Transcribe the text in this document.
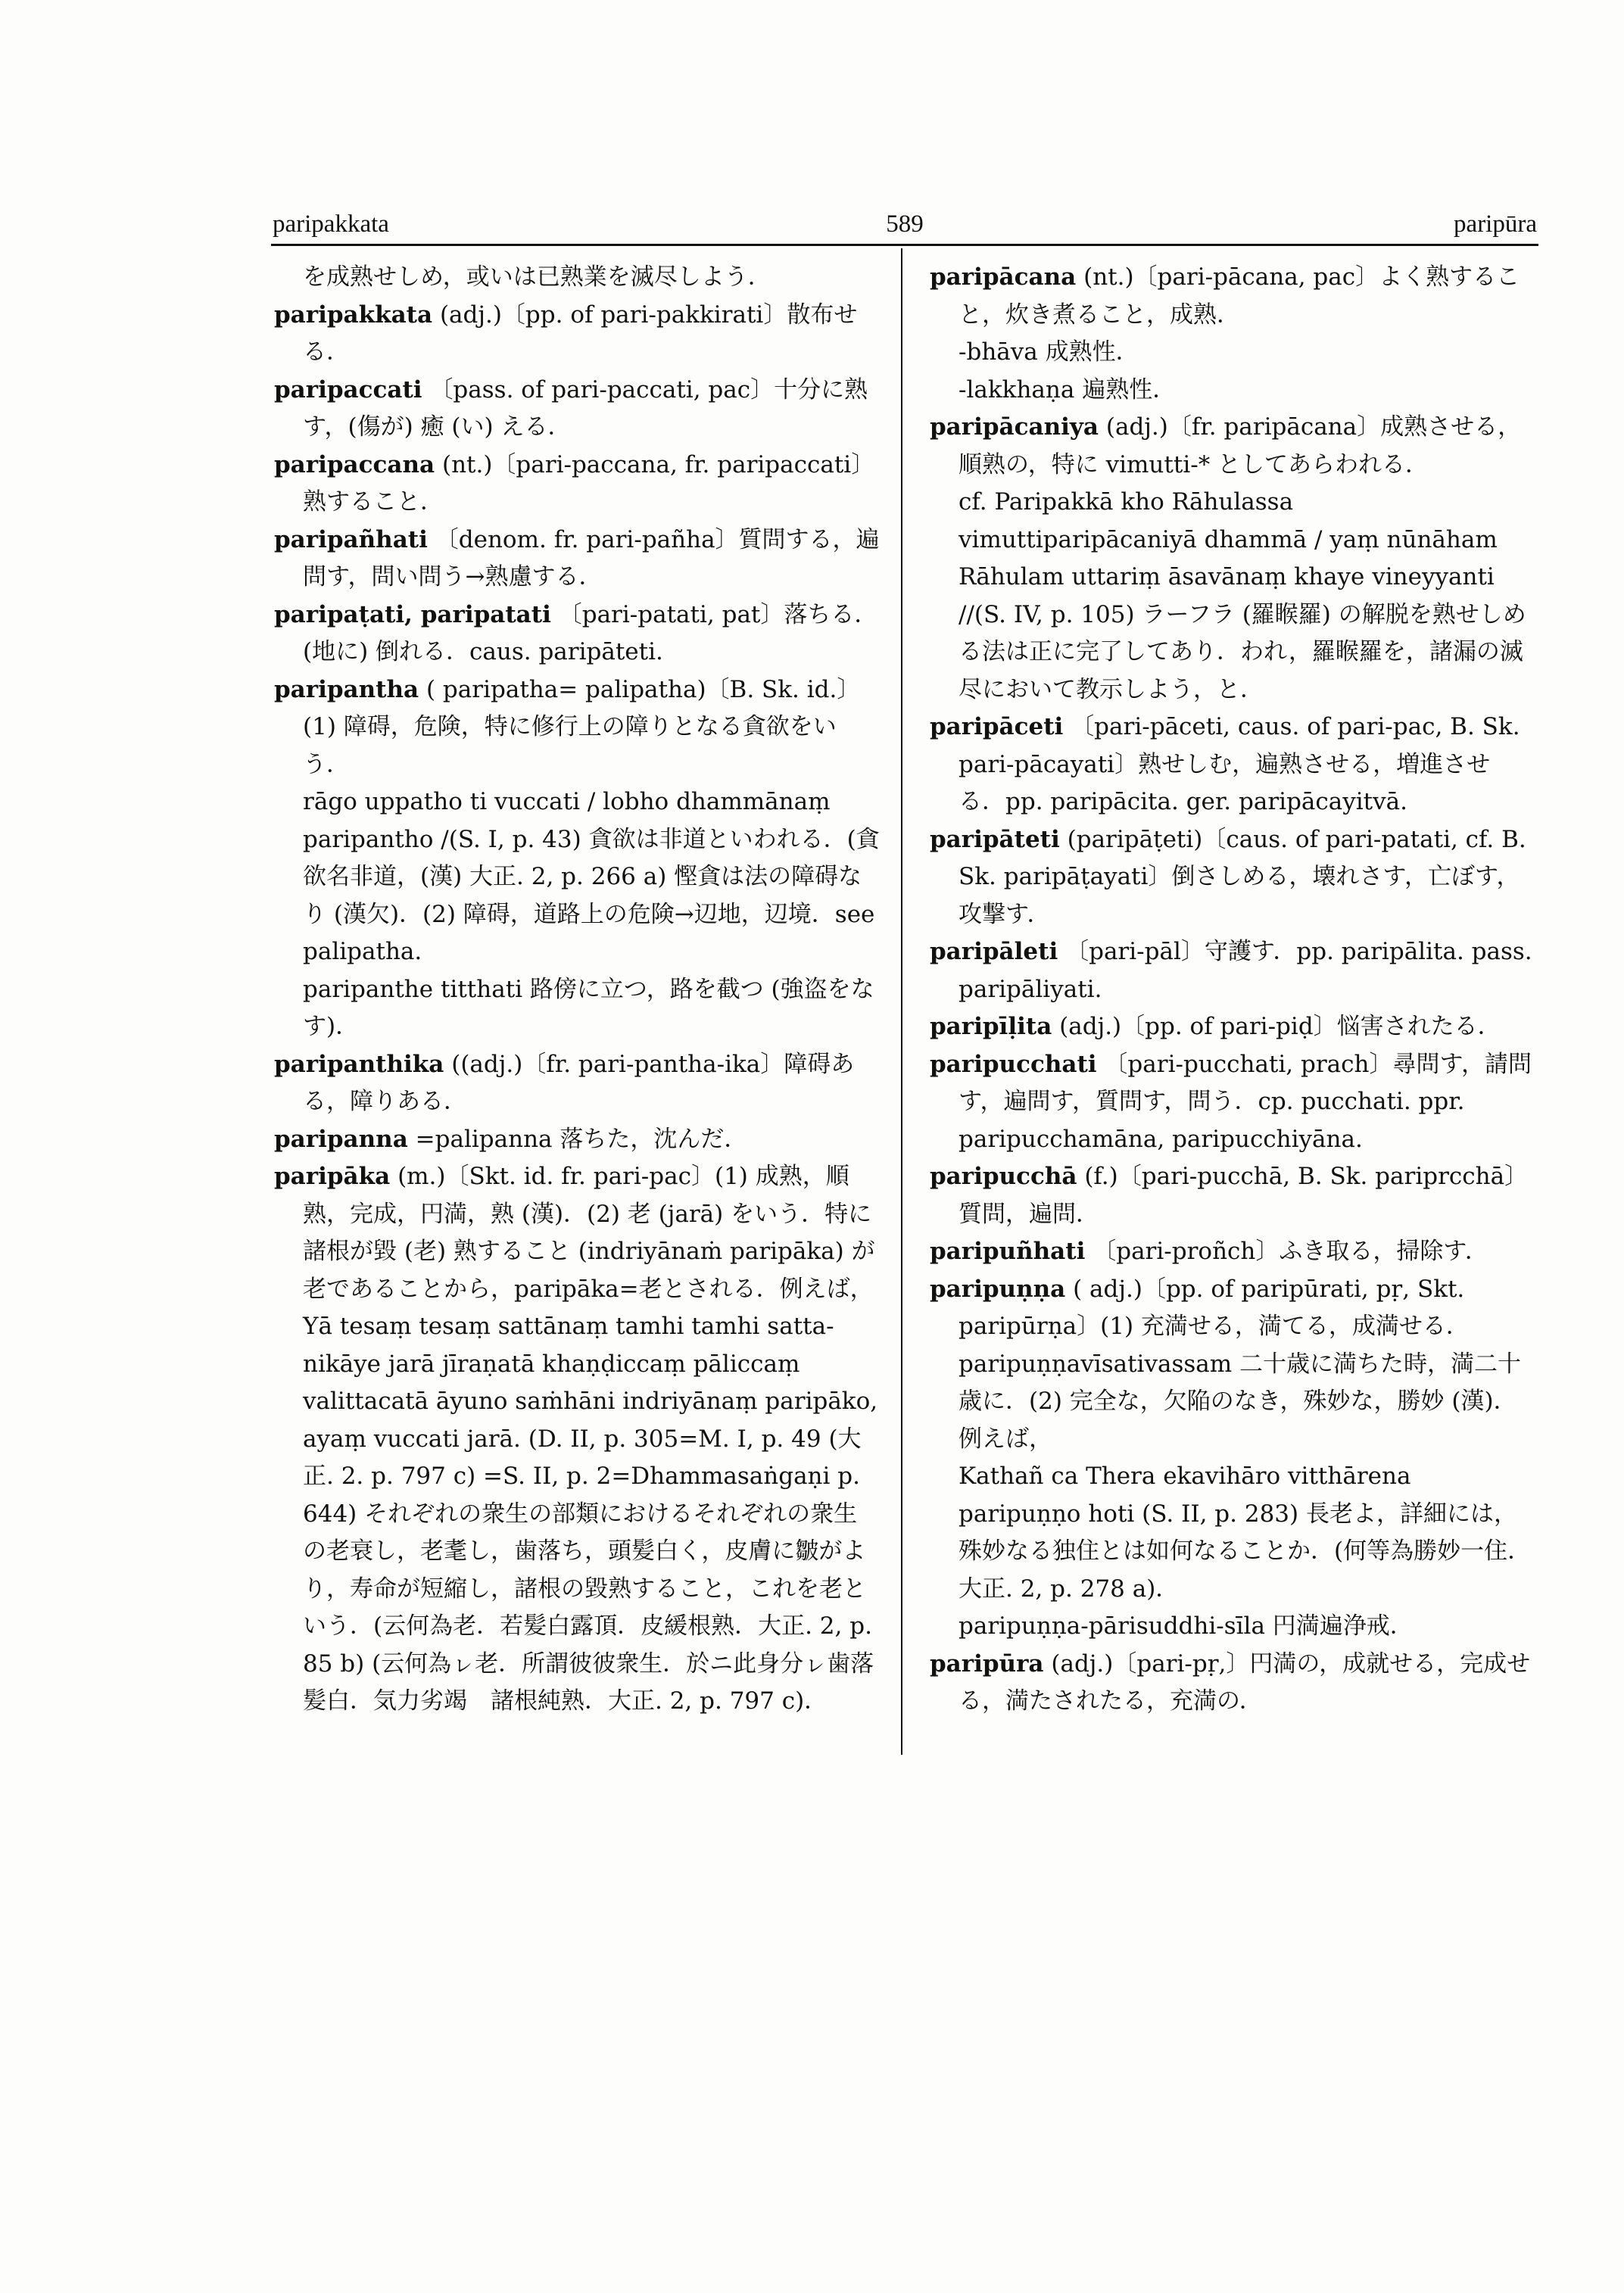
paripakkata	589	paripūra

を成熟せしめ，或いは已熟業を滅尽しよう．

paripakkata (adj.)〔pp. of pari-pakkirati〕散布せる．

paripaccati 〔pass. of pari-paccati, pac〕十分に熟す，(傷が) 癒 (い) える．

paripaccana (nt.)〔pari-paccana, fr. paripaccati〕熟すること．

paripañhati 〔denom. fr. pari-pañha〕質問する，遍問す，問い問う→熟慮する．

paripaṭati, paripatati 〔pari-patati, pat〕落ちる．(地に) 倒れる．caus. paripāteti.

paripantha ( paripatha= palipatha)〔B. Sk. id.〕(1) 障碍，危険，特に修行上の障りとなる貪欲をいう．

rāgo uppatho ti vuccati / lobho dhammānaṃ paripantho /(S. I, p. 43) 貪欲は非道といわれる．(貪欲名非道，(漢) 大正. 2, p. 266 a) 慳貪は法の障碍なり (漢欠)．(2) 障碍，道路上の危険→辺地，辺境．see palipatha.

paripanthe titthati 路傍に立つ，路を截つ (強盗をなす)．

paripanthika ((adj.)〔fr. pari-pantha-ika〕障碍ある，障りある．

paripanna =palipanna 落ちた，沈んだ．

paripāka (m.)〔Skt. id. fr. pari-pac〕(1) 成熟，順熟，完成，円満，熟 (漢)．(2) 老 (jarā) をいう．特に諸根が毀 (老) 熟すること (indriyānaṁ paripāka) が老であることから，paripāka=老とされる．例えば，

Yā tesaṃ tesaṃ sattānaṃ tamhi tamhi satta-nikāye jarā jīraṇatā khaṇḍiccaṃ pāliccaṃ valittacatā āyuno saṁhāni indriyānaṃ paripāko, ayaṃ vuccati jarā. (D. II, p. 305=M. I, p. 49 (大正. 2. p. 797 c) =S. II, p. 2=Dhammasaṅgaṇi p. 644) それぞれの衆生の部類におけるそれぞれの衆生の老衰し，老耄し，歯落ち，頭髪白く，皮膚に皺がより，寿命が短縮し，諸根の毀熟すること，これを老という．(云何為老．若髪白露頂．皮緩根熟．大正. 2, p. 85 b) (云何為ㇾ老．所謂彼彼衆生．於ニ此身分ㇾ歯落髪白．気力劣竭　諸根純熟．大正. 2, p. 797 c)．

paripācana (nt.)〔pari-pācana, pac〕よく熟すること，炊き煮ること，成熟．

-bhāva 成熟性．

-lakkhaṇa 遍熟性．

paripācaniya (adj.)〔fr. paripācana〕成熟させる，順熟の，特に vimutti-* としてあらわれる．

cf. Paripakkā kho Rāhulassa vimuttiparipācaniyā dhammā / yaṃ nūnāham Rāhulam uttariṃ āsavānaṃ khaye vineyyanti //(S. IV, p. 105) ラーフラ (羅睺羅) の解脱を熟せしめる法は正に完了してあり．われ，羅睺羅を，諸漏の滅尽において教示しよう，と．

paripāceti 〔pari-pāceti, caus. of pari-pac, B. Sk. pari-pācayati〕熟せしむ，遍熟させる，増進させる．pp. paripācita. ger. paripācayitvā.

paripāteti (paripāṭeti)〔caus. of pari-patati, cf. B. Sk. paripāṭayati〕倒さしめる，壊れさす，亡ぼす，攻撃す．

paripāleti 〔pari-pāl〕守護す．pp. paripālita. pass. paripāliyati.

paripīḷita (adj.)〔pp. of pari-piḍ〕悩害されたる．

paripucchati 〔pari-pucchati, prach〕尋問す，請問す，遍問す，質問す，問う．cp. pucchati. ppr. paripucchamāna, paripucchiyāna.

paripucchā (f.)〔pari-pucchā, B. Sk. pariprcchā〕質問，遍問．

paripuñhati 〔pari-proñch〕ふき取る，掃除す．

paripuṇṇa ( adj.)〔pp. of paripūrati, pṛ, Skt. paripūrṇa〕(1) 充満せる，満てる，成満せる．paripuṇṇavīsativassam 二十歳に満ちた時，満二十歳に．(2) 完全な，欠陥のなき，殊妙な，勝妙 (漢)．例えば，

Kathañ ca Thera ekavihāro vitthārena paripuṇṇo hoti (S. II, p. 283) 長老よ，詳細には，殊妙なる独住とは如何なることか．(何等為勝妙一住．大正. 2, p. 278 a)．

paripuṇṇa-pārisuddhi-sīla 円満遍浄戒．

paripūra (adj.)〔pari-pṛ,〕円満の，成就せる，完成せる，満たされたる，充満の．
